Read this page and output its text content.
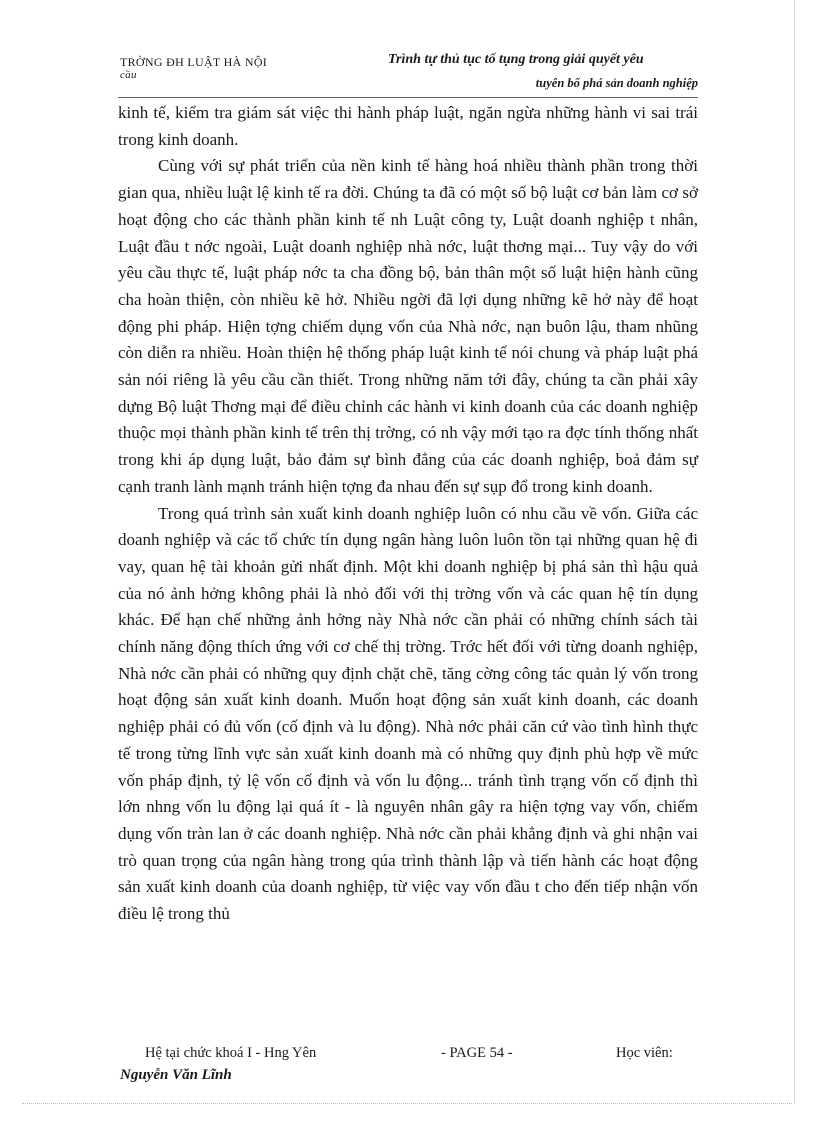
TRỜNG ĐH LUẬT HÀ NỘI
cầu
Trình tự thủ tục tố tụng trong giải quyết yêu
tuyên bố phá sản doanh nghiệp

kinh tế, kiểm tra giám sát việc thi hành pháp luật, ngăn ngừa những hành vi sai trái trong kinh doanh.

Cùng với sự phát triển của nền kinh tế hàng hoá nhiều thành phần trong thời gian qua, nhiều luật lệ kinh tế ra đời. Chúng ta đã có một số bộ luật cơ bản làm cơ sở hoạt động cho các thành phần kinh tế nh Luật công ty, Luật doanh nghiệp t nhân, Luật đầu t nớc ngoài, Luật doanh nghiệp nhà nớc, luật thơng mại... Tuy vậy do với yêu cầu thực tế, luật pháp nớc ta cha đồng bộ, bản thân một số luật hiện hành cũng cha hoàn thiện, còn nhiều kẽ hở. Nhiều ngời đã lợi dụng những kẽ hở này để hoạt động phi pháp. Hiện tợng chiếm dụng vốn của Nhà nớc, nạn buôn lậu, tham nhũng còn diễn ra nhiều. Hoàn thiện hệ thống pháp luật kinh tế nói chung và pháp luật phá sản nói riêng là yêu cầu cần thiết. Trong những năm tới đây, chúng ta cần phải xây dựng Bộ luật Thơng mại để điều chỉnh các hành vi kinh doanh của các doanh nghiệp thuộc mọi thành phần kinh tế trên thị trờng, có nh vậy mới tạo ra đợc tính thống nhất trong khi áp dụng luật, bảo đảm sự bình đẳng của các doanh nghiệp, boả đảm sự cạnh tranh lành mạnh tránh hiện tợng đa nhau đến sự sụp đổ trong kinh doanh.

Trong quá trình sản xuất kinh doanh nghiệp luôn có nhu cầu về vốn. Giữa các doanh nghiệp và các tổ chức tín dụng ngân hàng luôn luôn tồn tại những quan hệ đi vay, quan hệ tài khoản gửi nhất định. Một khi doanh nghiệp bị phá sản thì hậu quả của nó ảnh hởng không phải là nhỏ đối với thị trờng vốn và các quan hệ tín dụng khác. Để hạn chế những ảnh hởng này Nhà nớc cần phải có những chính sách tài chính năng động thích ứng với cơ chế thị trờng. Trớc hết đối với từng doanh nghiệp, Nhà nớc cần phải có những quy định chặt chẽ, tăng cờng công tác quản lý vốn trong hoạt động sản xuất kinh doanh. Muốn hoạt động sản xuất kinh doanh, các doanh nghiệp phải có đủ vốn (cố định và lu động). Nhà nớc phải căn cứ vào tình hình thực tế trong từng lĩnh vực sản xuất kinh doanh mà có những quy định phù hợp về mức vốn pháp định, tỷ lệ vốn cố định và vốn lu động... tránh tình trạng vốn cố định thì lớn nhng vốn lu động lại quá ít - là nguyên nhân gây ra hiện tợng vay vốn, chiếm dụng vốn tràn lan ở các doanh nghiệp. Nhà nớc cần phải khẳng định và ghi nhận vai trò quan trọng của ngân hàng trong qúa trình thành lập và tiến hành các hoạt động sản xuất kinh doanh của doanh nghiệp, từ việc vay vốn đầu t cho đến tiếp nhận vốn điều lệ trong thủ

Hệ tại chức khoá I - Hng Yên	- PAGE 54 -	Học viên:
Nguyễn Văn Lĩnh
